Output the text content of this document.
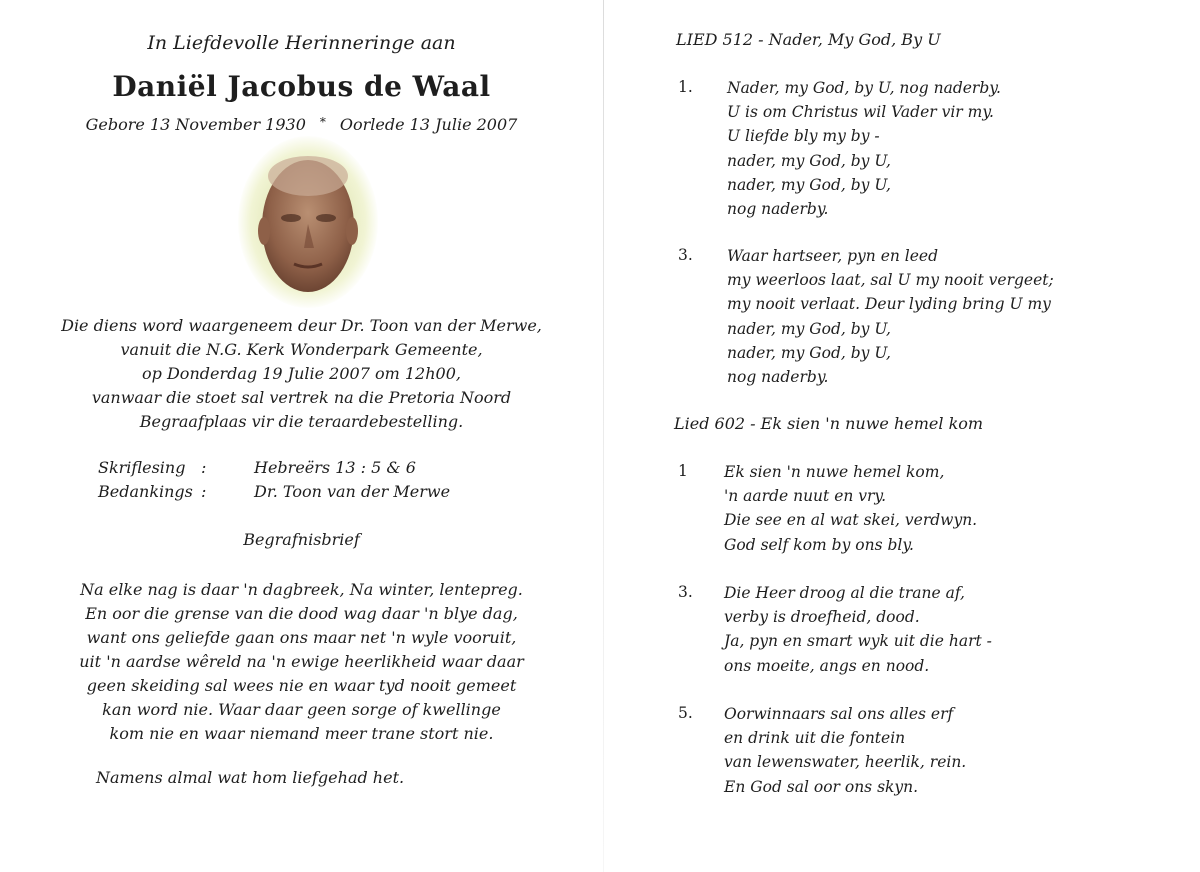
In Liefdevolle Herinneringe aan
Daniël Jacobus de Waal
Gebore 13 November 1930 * Oorlede 13 Julie 2007
Die diens word waargeneem deur Dr. Toon van der Merwe,
vanuit die N.G. Kerk Wonderpark Gemeente,
op Donderdag 19 Julie 2007 om 12h00,
vanwaar die stoet sal vertrek na die Pretoria Noord
Begraafplaas vir die teraardebestelling.
Skriflesing :	Hebreërs 13 : 5 & 6
Bedankings :	Dr. Toon van der Merwe
Begrafnisbrief
Na elke nag is daar 'n dagbreek, Na winter, lentepreg.
En oor die grense van die dood wag daar 'n blye dag,
want ons geliefde gaan ons maar net 'n wyle vooruit,
uit 'n aardse wêreld na 'n ewige heerlikheid waar daar
geen skeiding sal wees nie en waar tyd nooit gemeet
kan word nie. Waar daar geen sorge of kwellinge
kom nie en waar niemand meer trane stort nie.
Namens almal wat hom liefgehad het.
LIED 512 - Nader, My God, By U
1. Nader, my God, by U, nog naderby.
U is om Christus wil Vader vir my.
U liefde bly my by -
nader, my God, by U,
nader, my God, by U,
nog naderby.
3. Waar hartseer, pyn en leed
my weerloos laat, sal U my nooit vergeet;
my nooit verlaat. Deur lyding bring U my
nader, my God, by U,
nader, my God, by U,
nog naderby.
Lied 602 - Ek sien 'n nuwe hemel kom
1 Ek sien 'n nuwe hemel kom,
'n aarde nuut en vry.
Die see en al wat skei, verdwyn.
God self kom by ons bly.
3. Die Heer droog al die trane af,
verby is droefheid, dood.
Ja, pyn en smart wyk uit die hart -
ons moeite, angs en nood.
5. Oorwinnaars sal ons alles erf
en drink uit die fontein
van lewenswater, heerlik, rein.
En God sal oor ons skyn.
